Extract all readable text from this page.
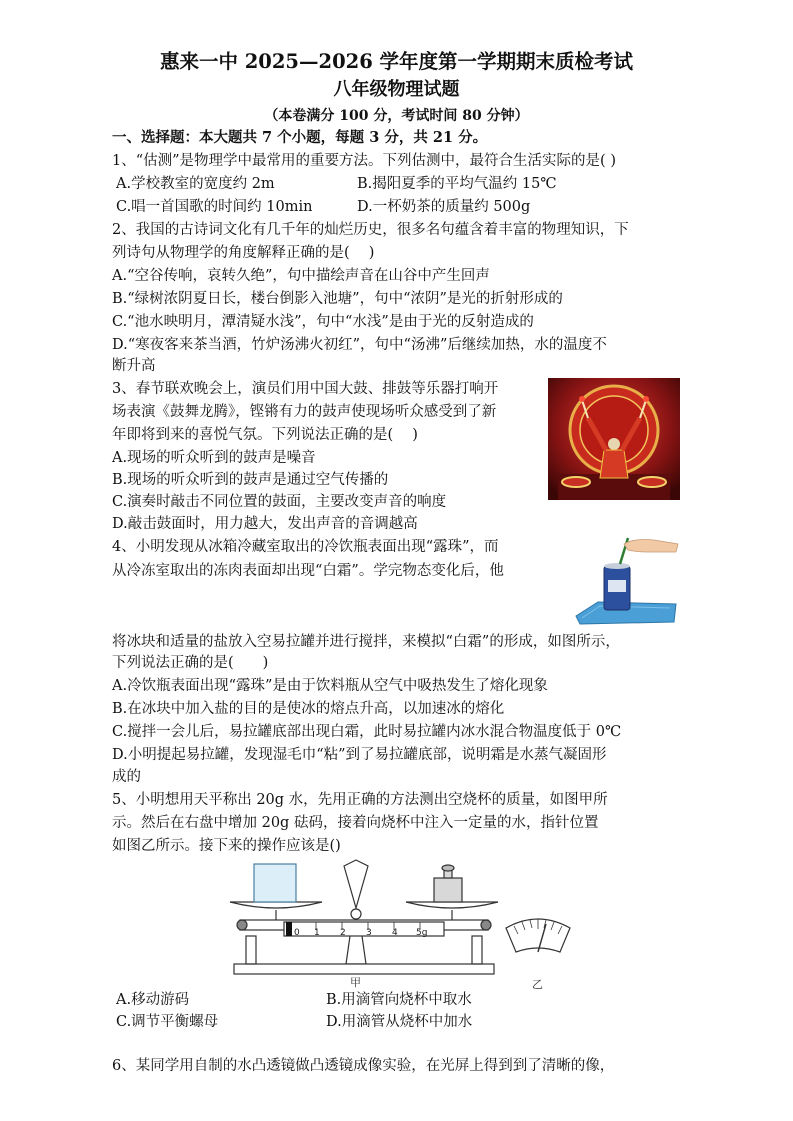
惠来一中 2025—2026 学年度第一学期期末质检考试
八年级物理试题
（本卷满分 100 分，考试时间 80 分钟）
一、选择题：本大题共 7 个小题，每题 3 分，共 21 分。
1、“估测”是物理学中最常用的重要方法。下列估测中，最符合生活实际的是( )
A.学校教室的宽度约 2m	B.揭阳夏季的平均气温约 15℃
C.唱一首国歌的时间约 10min	D.一杯奶茶的质量约 500g
2、我国的古诗词文化有几千年的灿烂历史，很多名句蕴含着丰富的物理知识，下
列诗句从物理学的角度解释正确的是(　 )
A.“空谷传响，哀转久绝”，句中描绘声音在山谷中产生回声
B.“绿树浓阴夏日长，楼台倒影入池塘”，句中“浓阴”是光的折射形成的
C.“池水映明月，潭清疑水浅”，句中“水浅”是由于光的反射造成的
D.“寒夜客来茶当酒，竹炉汤沸火初红”，句中“汤沸”后继续加热，水的温度不
断升高
3、春节联欢晚会上，演员们用中国大鼓、排鼓等乐器打响开
场表演《鼓舞龙腾》，铿锵有力的鼓声使现场听众感受到了新
年即将到来的喜悦气氛。下列说法正确的是(　 )
A.现场的听众听到的鼓声是噪音
B.现场的听众听到的鼓声是通过空气传播的
C.演奏时敲击不同位置的鼓面，主要改变声音的响度
D.敲击鼓面时，用力越大，发出声音的音调越高
4、小明发现从冰箱冷藏室取出的冷饮瓶表面出现“露珠”，而
从冷冻室取出的冻肉表面却出现“白霜”。学完物态变化后，他
将冰块和适量的盐放入空易拉罐并进行搅拌，来模拟“白霜”的形成，如图所示，
下列说法正确的是(　　)
A.冷饮瓶表面出现“露珠”是由于饮料瓶从空气中吸热发生了熔化现象
B.在冰块中加入盐的目的是使冰的熔点升高，以加速冰的熔化
C.搅拌一会儿后，易拉罐底部出现白霜，此时易拉罐内冰水混合物温度低于 0℃
D.小明提起易拉罐，发现湿毛巾“粘”到了易拉罐底部，说明霜是水蒸气凝固形
成的
5、小明想用天平称出 20g 水，先用正确的方法测出空烧杯的质量，如图甲所
示。然后在右盘中增加 20g 砝码，接着向烧杯中注入一定量的水，指针位置
如图乙所示。接下来的操作应该是()
0 1 2 3 4 5g
甲	乙
A.移动游码	B.用滴管向烧杯中取水
C.调节平衡螺母	D.用滴管从烧杯中加水
6、某同学用自制的水凸透镜做凸透镜成像实验，在光屏上得到到了清晰的像，
